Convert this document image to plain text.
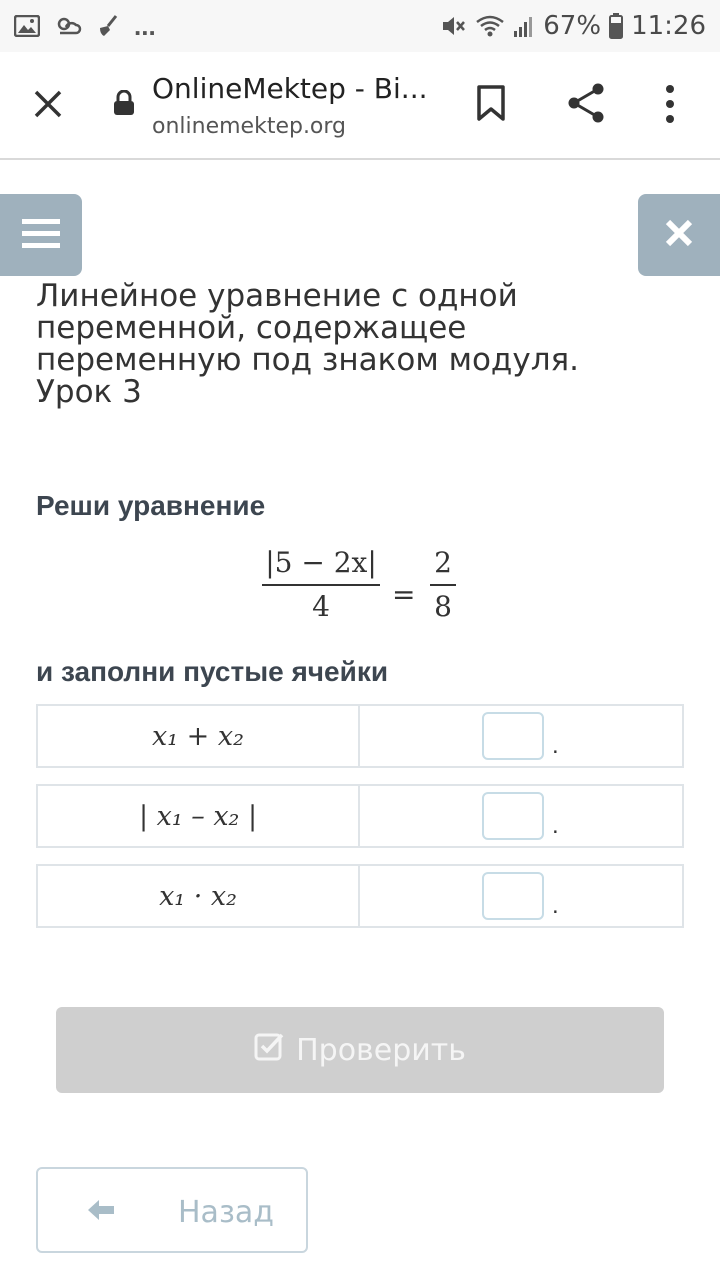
...	67% 11:26
OnlineMektep - Bi...
onlinemektep.org
Линейное уравнение с одной
переменной, содержащее
переменную под знаком модуля.
Урок 3
Реши уравнение
|5 − 2x|
4	=
2
8
и заполни пустые ячейки
x₁ + x₂	.
| x₁ – x₂ |	.
x₁ · x₂	.
Проверить
Назад
